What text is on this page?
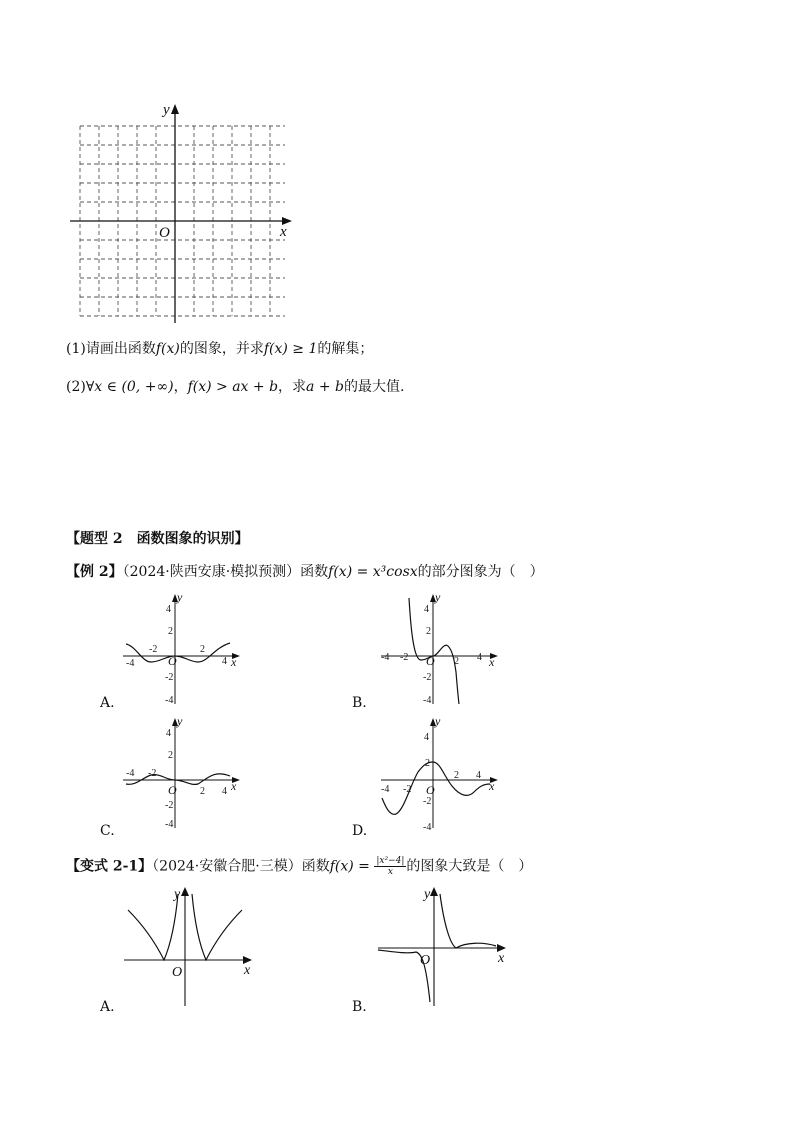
y
x
O
(1)请画出函数f(x)的图象，并求f(x) ≥ 1的解集；
(2)∀x ∈ (0, +∞)，f(x) > ax + b，求a + b的最大值.
【题型 2　函数图象的识别】
【例 2】（2024·陕西安康·模拟预测）函数f(x) = x³cosx的部分图象为（　）
y
x
O
4
2
-2
-4
-2	2
4
-4
A.
y
x
O
4
2
-2
-4
-2	2 4
-4
B.
y
x
O
4
2
-2
-4
-4 -2
2 4
C.
y
x
O
4
2
-2
-4
-4 -2
2 4
D.
【变式 2-1】（2024·安徽合肥·三模）函数$f(x) = \frac{\text{|x²−4|}}{x}$ 的图象大致是（　）
y
x
O
A.
y
x
O
B.
